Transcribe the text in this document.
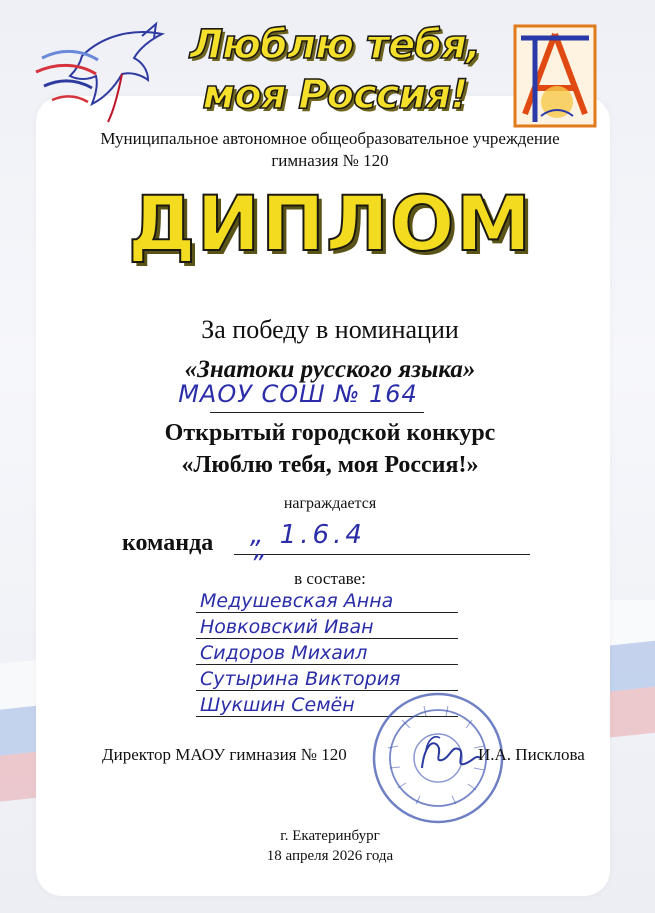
Люблю тебя,
моя Россия!
Муниципальное автономное общеобразовательное учреждение
гимназия № 120
ДИПЛОМ
За победу в номинации
«Знатоки русского языка»
МАОУ СОШ № 164
Открытый городской конкурс
«Люблю тебя, моя Россия!»
награждается
команда „ 1.6.4 ”	в составе:
Медушевская Анна
Новковский Иван
Сидоров Михаил
Сутырина Виктория
Шукшин Семён
Директор МАОУ гимназия № 120	И.А. Писклова
г. Екатеринбург
18 апреля 2026 года
